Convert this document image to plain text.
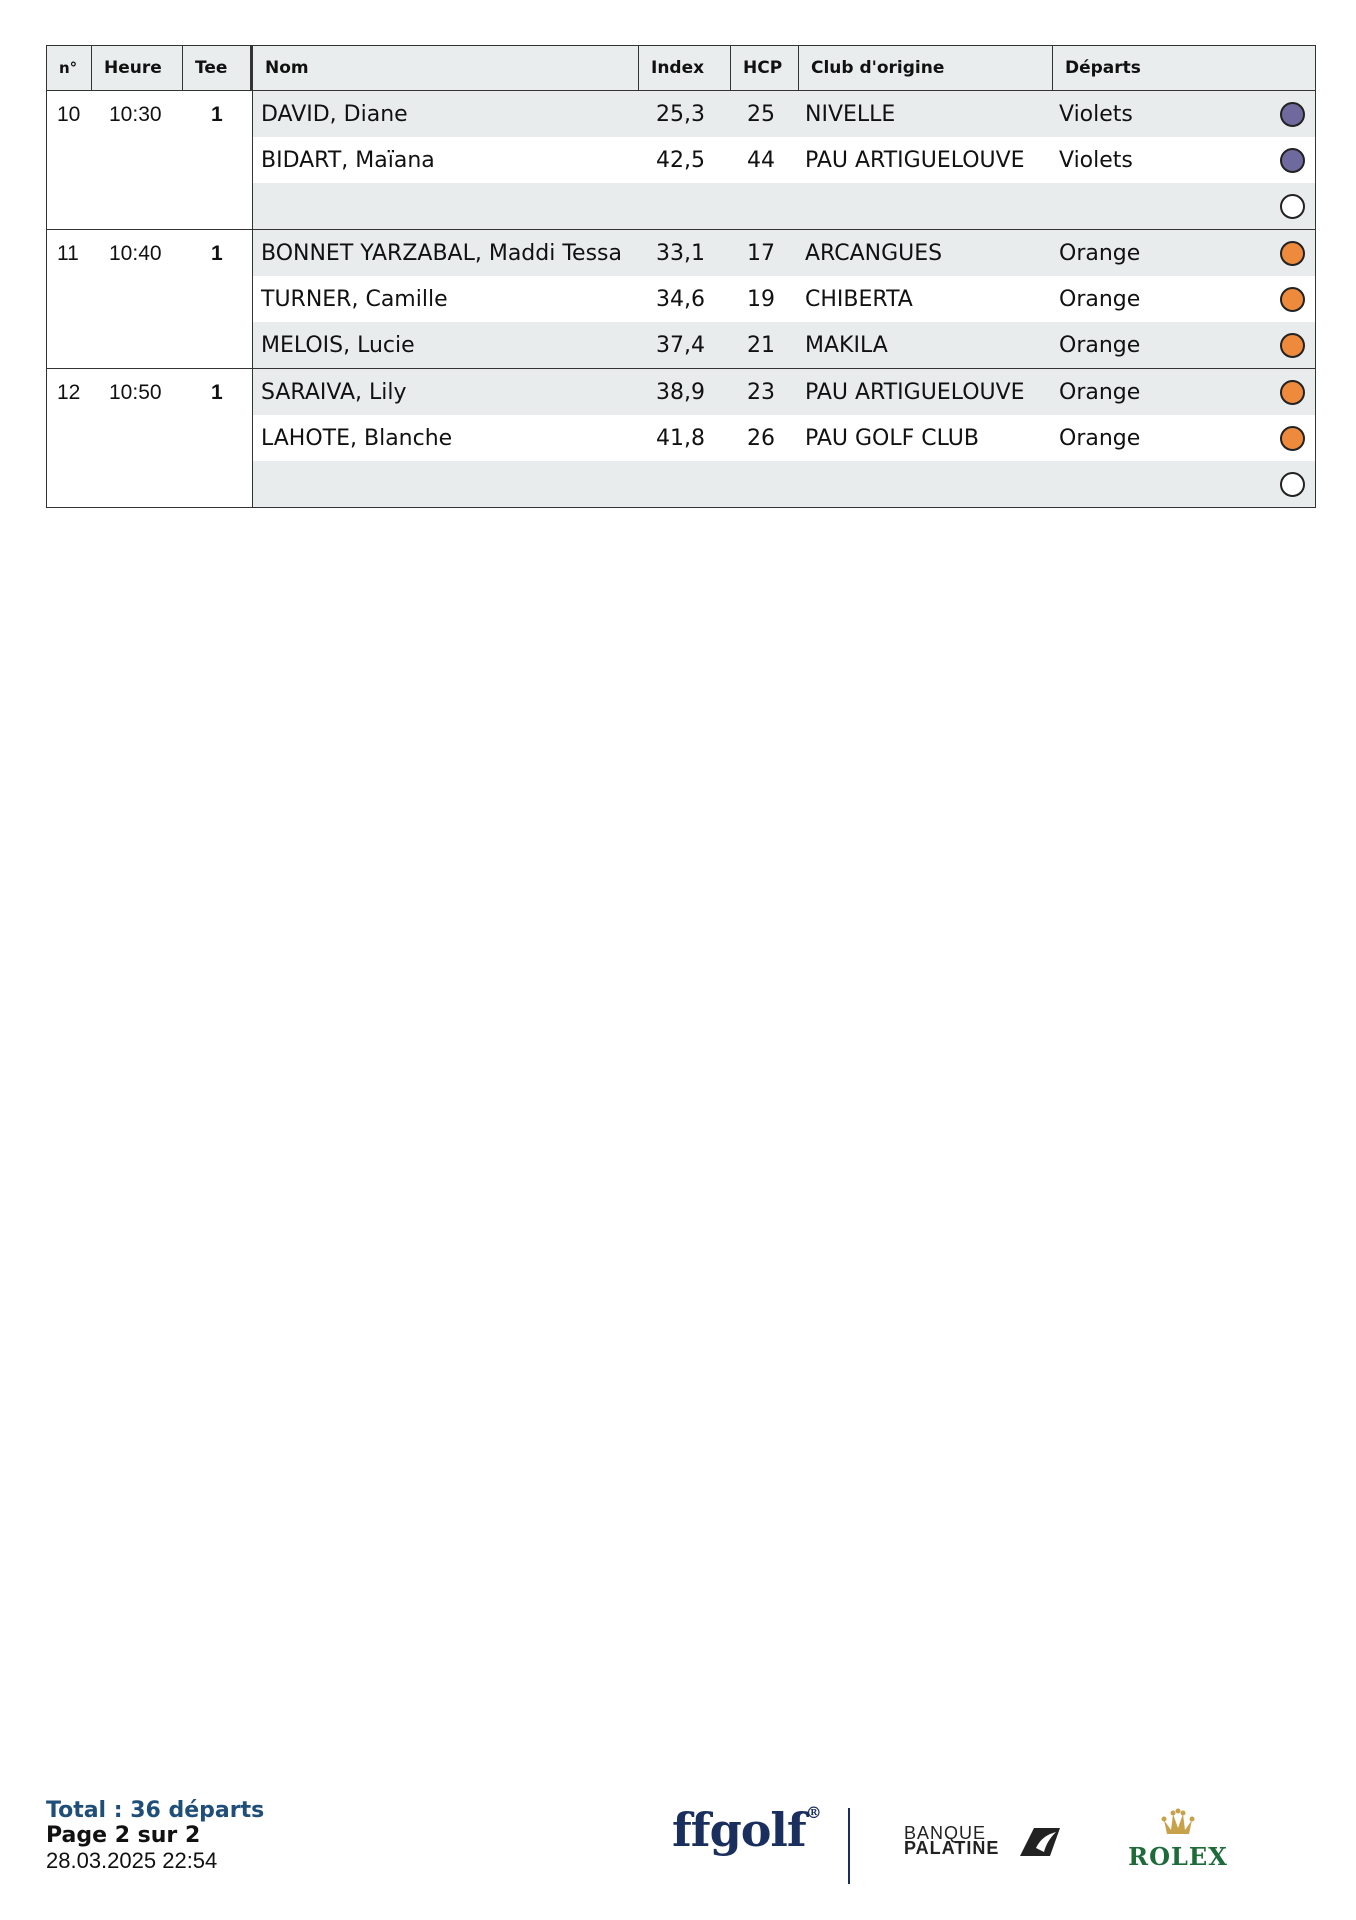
n°	Heure	Tee	Nom	Index	HCP	Club d'origine	Départs
10 10:30 1	DAVID, Diane	25,3	25	NIVELLE	Violets
BIDART, Maïana	42,5	44	PAU ARTIGUELOUVE	Violets
11 10:40 1	BONNET YARZABAL, Maddi Tessa	33,1	17	ARCANGUES	Orange
TURNER, Camille	34,6	19	CHIBERTA	Orange
MELOIS, Lucie	37,4	21	MAKILA	Orange
12 10:50 1	SARAIVA, Lily	38,9	23	PAU ARTIGUELOUVE	Orange
LAHOTE, Blanche	41,8	26	PAU GOLF CLUB	Orange
Total : 36 départs
Page 2 sur 2
28.03.2025 22:54
ffgolf®
BANQUE
PALATINE	ROLEX
